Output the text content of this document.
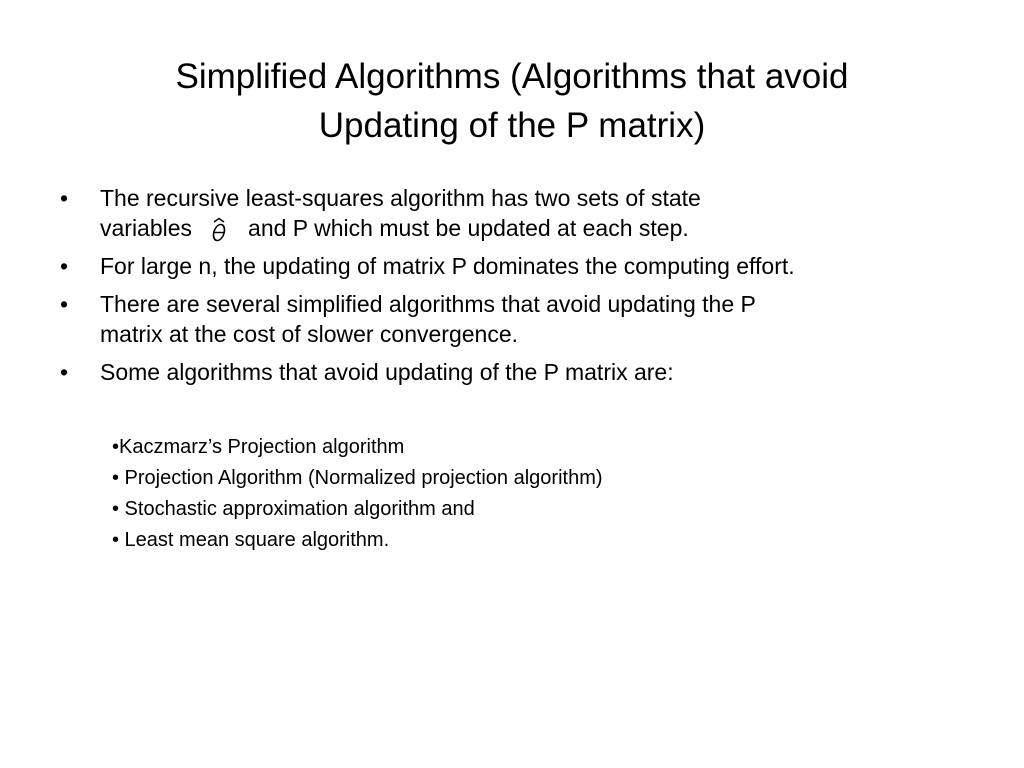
Simplified Algorithms (Algorithms that avoid
Updating of the P matrix)
•	The recursive least-squares algorithm has two sets of state
variables and P which must be updated at each step.
•	For large n, the updating of matrix P dominates the computing effort.
•	There are several simplified algorithms that avoid updating the P
matrix at the cost of slower convergence.
•	Some algorithms that avoid updating of the P matrix are:
•Kaczmarz’s Projection algorithm
• Projection Algorithm (Normalized projection algorithm)
• Stochastic approximation algorithm and
• Least mean square algorithm.
